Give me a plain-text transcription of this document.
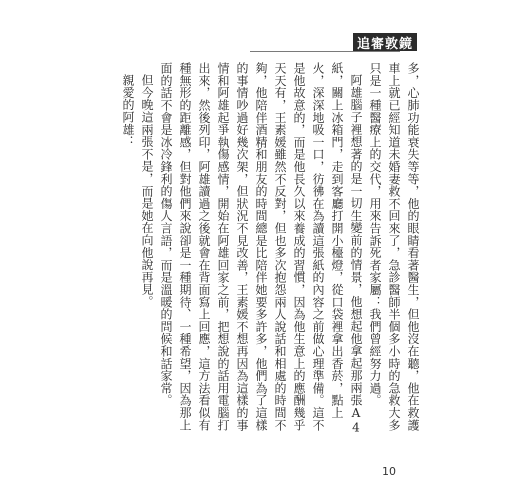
追審敦鏡

多，心肺功能衰失等等，他的眼睛看著醫生，但他沒在聽，他在救護車上就已經知道未婚妻救不回來了，急診醫師半個多小時的急救大多只是一種醫療上的交代，用來告訴死者家屬：我們曾經努力過。

阿雄腦子裡想著的是一切生變前的情景，他想起他拿起那兩張A4紙，關上冰箱門，走到客廳打開小檯燈，從口袋裡拿出香菸，點上火，深深地吸一口，彷彿在為讀這張紙的內容之前做心理準備。這不是他故意的，而是他長久以來養成的習慣，因為他生意上的應酬幾乎天天有，王素媛雖然不反對，但也多次抱怨兩人說話和相處的時間不夠，他陪伴酒精和朋友的時間總是比陪伴她要多許多，他們為了這樣的事情吵過好幾次架，但狀況不見改善，王素媛不想再因為這樣的事情和阿雄起爭執傷感情，開始在阿雄回家之前，把想說的話用電腦打出來，然後列印，阿雄讀過之後就會在背面寫上回應，這方法看似有種無形的距離感，但對他們來說卻是一種期待、一種希望，因為那上面的話不會是冰冷鋒利的傷人言語，而是溫暖的問候和話家常。

但今晚這兩張不是，而是她在向他說再見。

親愛的阿雄：

10
